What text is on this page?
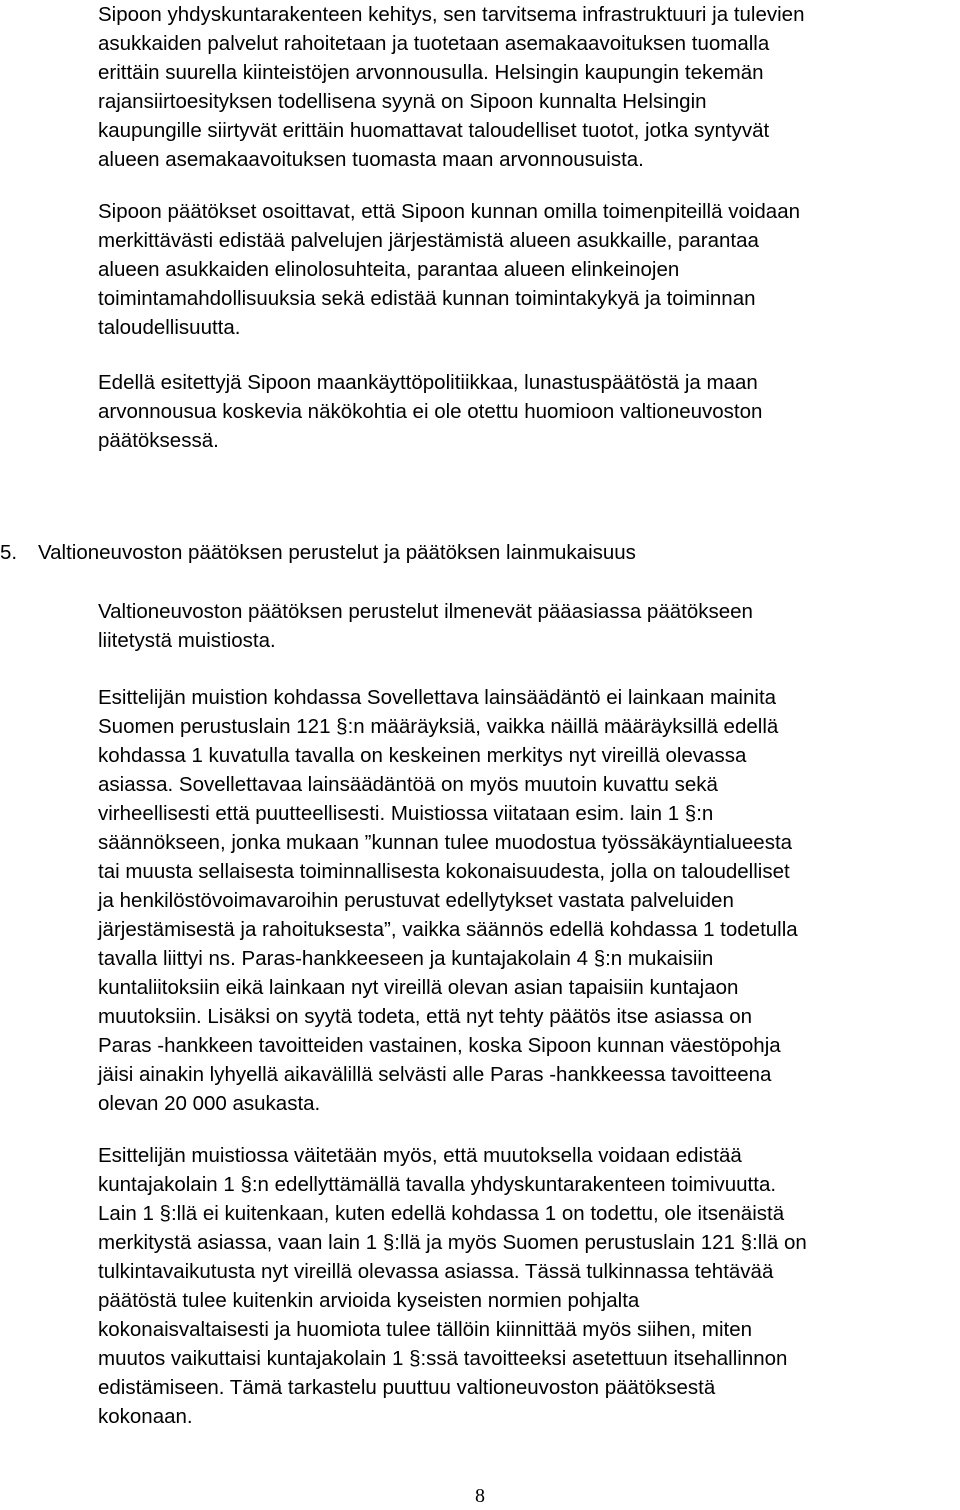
Sipoon yhdyskuntarakenteen kehitys, sen tarvitsema infrastruktuuri ja tulevien
asukkaiden palvelut rahoitetaan ja tuotetaan asemakaavoituksen tuomalla
erittäin suurella kiinteistöjen arvonnousulla. Helsingin kaupungin tekemän
rajansiirtoesityksen todellisena syynä on Sipoon kunnalta Helsingin
kaupungille siirtyvät erittäin huomattavat taloudelliset tuotot, jotka syntyvät
alueen asemakaavoituksen tuomasta maan arvonnousuista.
Sipoon päätökset osoittavat, että Sipoon kunnan omilla toimenpiteillä voidaan
merkittävästi edistää palvelujen järjestämistä alueen asukkaille, parantaa
alueen asukkaiden elinolosuhteita, parantaa alueen elinkeinojen
toimintamahdollisuuksia sekä edistää kunnan toimintakykyä ja toiminnan
taloudellisuutta.
Edellä esitettyjä Sipoon maankäyttöpolitiikkaa, lunastuspäätöstä ja maan
arvonnousua koskevia näkökohtia ei ole otettu huomioon valtioneuvoston
päätöksessä.
5. Valtioneuvoston päätöksen perustelut ja päätöksen lainmukaisuus
Valtioneuvoston päätöksen perustelut ilmenevät pääasiassa päätökseen
liitetystä muistiosta.
Esittelijän muistion kohdassa Sovellettava lainsäädäntö ei lainkaan mainita
Suomen perustuslain 121 §:n määräyksiä, vaikka näillä määräyksillä edellä
kohdassa 1 kuvatulla tavalla on keskeinen merkitys nyt vireillä olevassa
asiassa. Sovellettavaa lainsäädäntöä on myös muutoin kuvattu sekä
virheellisesti että puutteellisesti. Muistiossa viitataan esim. lain 1 §:n
säännökseen, jonka mukaan ”kunnan tulee muodostua työssäkäyntialueesta
tai muusta sellaisesta toiminnallisesta kokonaisuudesta, jolla on taloudelliset
ja henkilöstövoimavaroihin perustuvat edellytykset vastata palveluiden
järjestämisestä ja rahoituksesta”, vaikka säännös edellä kohdassa 1 todetulla
tavalla liittyi ns. Paras-hankkeeseen ja kuntajakolain 4 §:n mukaisiin
kuntaliitoksiin eikä lainkaan nyt vireillä olevan asian tapaisiin kuntajaon
muutoksiin. Lisäksi on syytä todeta, että nyt tehty päätös itse asiassa on
Paras -hankkeen tavoitteiden vastainen, koska Sipoon kunnan väestöpohja
jäisi ainakin lyhyellä aikavälillä selvästi alle Paras -hankkeessa tavoitteena
olevan 20 000 asukasta.
Esittelijän muistiossa väitetään myös, että muutoksella voidaan edistää
kuntajakolain 1 §:n edellyttämällä tavalla yhdyskuntarakenteen toimivuutta.
Lain 1 §:llä ei kuitenkaan, kuten edellä kohdassa 1 on todettu, ole itsenäistä
merkitystä asiassa, vaan lain 1 §:llä ja myös Suomen perustuslain 121 §:llä on
tulkintavaikutusta nyt vireillä olevassa asiassa. Tässä tulkinnassa tehtävää
päätöstä tulee kuitenkin arvioida kyseisten normien pohjalta
kokonaisvaltaisesti ja huomiota tulee tällöin kiinnittää myös siihen, miten
muutos vaikuttaisi kuntajakolain 1 §:ssä tavoitteeksi asetettuun itsehallinnon
edistämiseen. Tämä tarkastelu puuttuu valtioneuvoston päätöksestä
kokonaan.
8
